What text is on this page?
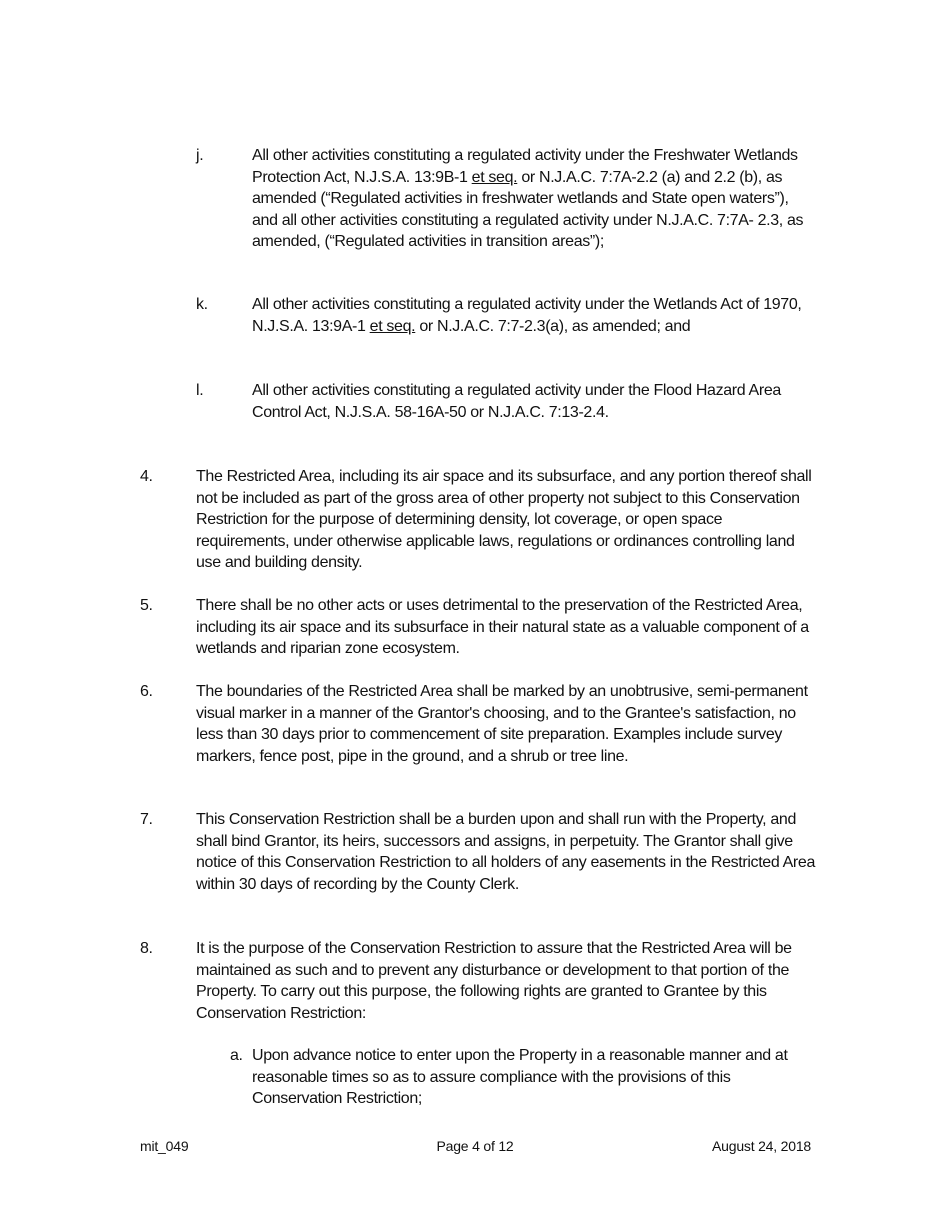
j.	All other activities constituting a regulated activity under the Freshwater Wetlands Protection Act, N.J.S.A. 13:9B-1 et seq. or N.J.A.C. 7:7A-2.2 (a) and 2.2 (b), as amended (“Regulated activities in freshwater wetlands and State open waters”), and all other activities constituting a regulated activity under N.J.A.C. 7:7A- 2.3, as amended, (“Regulated activities in transition areas”);
k.	All other activities constituting a regulated activity under the Wetlands Act of 1970, N.J.S.A. 13:9A-1 et seq. or N.J.A.C. 7:7-2.3(a), as amended; and
l.	All other activities constituting a regulated activity under the Flood Hazard Area Control Act, N.J.S.A. 58-16A-50 or N.J.A.C. 7:13-2.4.
4.	The Restricted Area, including its air space and its subsurface, and any portion thereof shall not be included as part of the gross area of other property not subject to this Conservation Restriction for the purpose of determining density, lot coverage, or open space requirements, under otherwise applicable laws, regulations or ordinances controlling land use and building density.
5.	There shall be no other acts or uses detrimental to the preservation of the Restricted Area, including its air space and its subsurface in their natural state as a valuable component of a wetlands and riparian zone ecosystem.
6.	The boundaries of the Restricted Area shall be marked by an unobtrusive, semi-permanent visual marker in a manner of the Grantor's choosing, and to the Grantee's satisfaction, no less than 30 days prior to commencement of site preparation. Examples include survey markers, fence post, pipe in the ground, and a shrub or tree line.
7.	This Conservation Restriction shall be a burden upon and shall run with the Property, and shall bind Grantor, its heirs, successors and assigns, in perpetuity. The Grantor shall give notice of this Conservation Restriction to all holders of any easements in the Restricted Area within 30 days of recording by the County Clerk.
8.	It is the purpose of the Conservation Restriction to assure that the Restricted Area will be maintained as such and to prevent any disturbance or development to that portion of the Property. To carry out this purpose, the following rights are granted to Grantee by this Conservation Restriction:
a. Upon advance notice to enter upon the Property in a reasonable manner and at reasonable times so as to assure compliance with the provisions of this Conservation Restriction;
mit_049	Page 4 of 12	August 24, 2018
